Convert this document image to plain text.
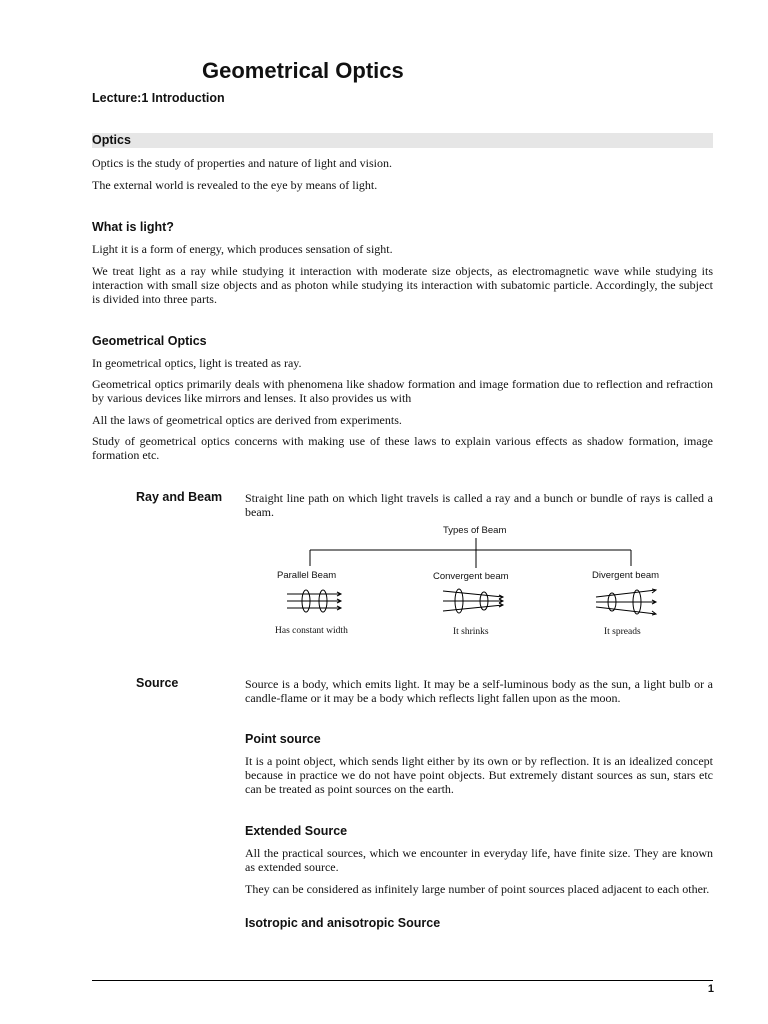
Geometrical Optics
Lecture:1 Introduction
Optics
Optics is the study of properties and nature of light and vision.
The external world is revealed to the eye by means of light.
What is light?
Light it is a form of energy, which produces sensation of sight.
We treat light as a ray while studying it interaction with moderate size objects, as electromagnetic wave while studying its interaction with small size objects and as photon while studying its interaction with subatomic particle. Accordingly, the subject is divided into three parts.
Geometrical Optics
In geometrical optics, light is treated as ray.
Geometrical optics primarily deals with phenomena like shadow formation and image formation due to reflection and refraction by various devices like mirrors and lenses. It also provides us with
All the laws of geometrical optics are derived from experiments.
Study of geometrical optics concerns with making use of these laws to explain various effects as shadow formation, image formation etc.
Ray and Beam Straight line path on which light travels is called a ray and a bunch or bundle of rays is called a beam.
Types of Beam
Parallel Beam	Convergent beam	Divergent beam
Has constant width	It shrinks	It spreads
Source	Source is a body, which emits light. It may be a self-luminous body as the sun, a light bulb or a candle-flame or it may be a body which reflects light fallen upon as the moon.
Point source
It is a point object, which sends light either by its own or by reflection. It is an idealized concept because in practice we do not have point objects. But extremely distant sources as sun, stars etc can be treated as point sources on the earth.
Extended Source
All the practical sources, which we encounter in everyday life, have finite size. They are known as extended source.
They can be considered as infinitely large number of point sources placed adjacent to each other.
Isotropic and anisotropic Source
1
